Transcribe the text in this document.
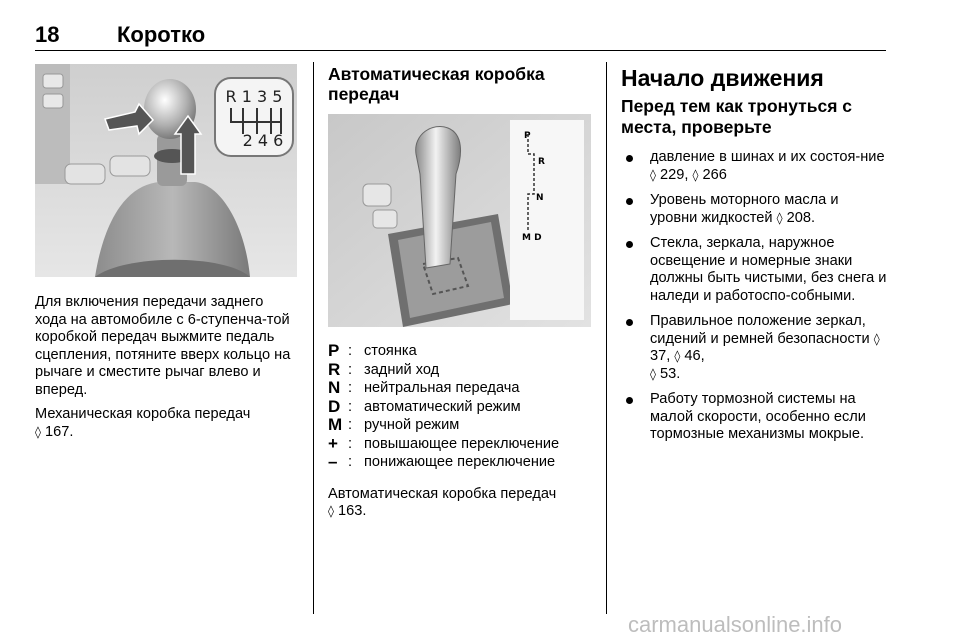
18	Коротко
R 1 3 5
2 4 6

Для включения передачи заднего хода на автомобиле с 6-ступенча-той коробкой передач выжмите педаль сцепления, потяните вверх кольцо на рычаге и сместите рычаг влево и вперед.

Механическая коробка передач
◊ 167.

Автоматическая коробка передач
P
R
N
M D
P : стоянка
R : задний ход
N : нейтральная передача
D : автоматический режим
M : ручной режим
+ : повышающее переключение
– : понижающее переключение

Автоматическая коробка передач
◊ 163.

Начало движения
Перед тем как тронуться с места, проверьте
давление в шинах и их состоя-ние ◊ 229, ◊ 266
Уровень моторного масла и уровни жидкостей ◊ 208.
Стекла, зеркала, наружное освещение и номерные знаки должны быть чистыми, без снега и наледи и работоспо-собными.
Правильное положение зеркал, сидений и ремней безопасности ◊ 37, ◊ 46,
◊ 53.
Работу тормозной системы на малой скорости, особенно если тормозные механизмы мокрые.
carmanualsonline.info
